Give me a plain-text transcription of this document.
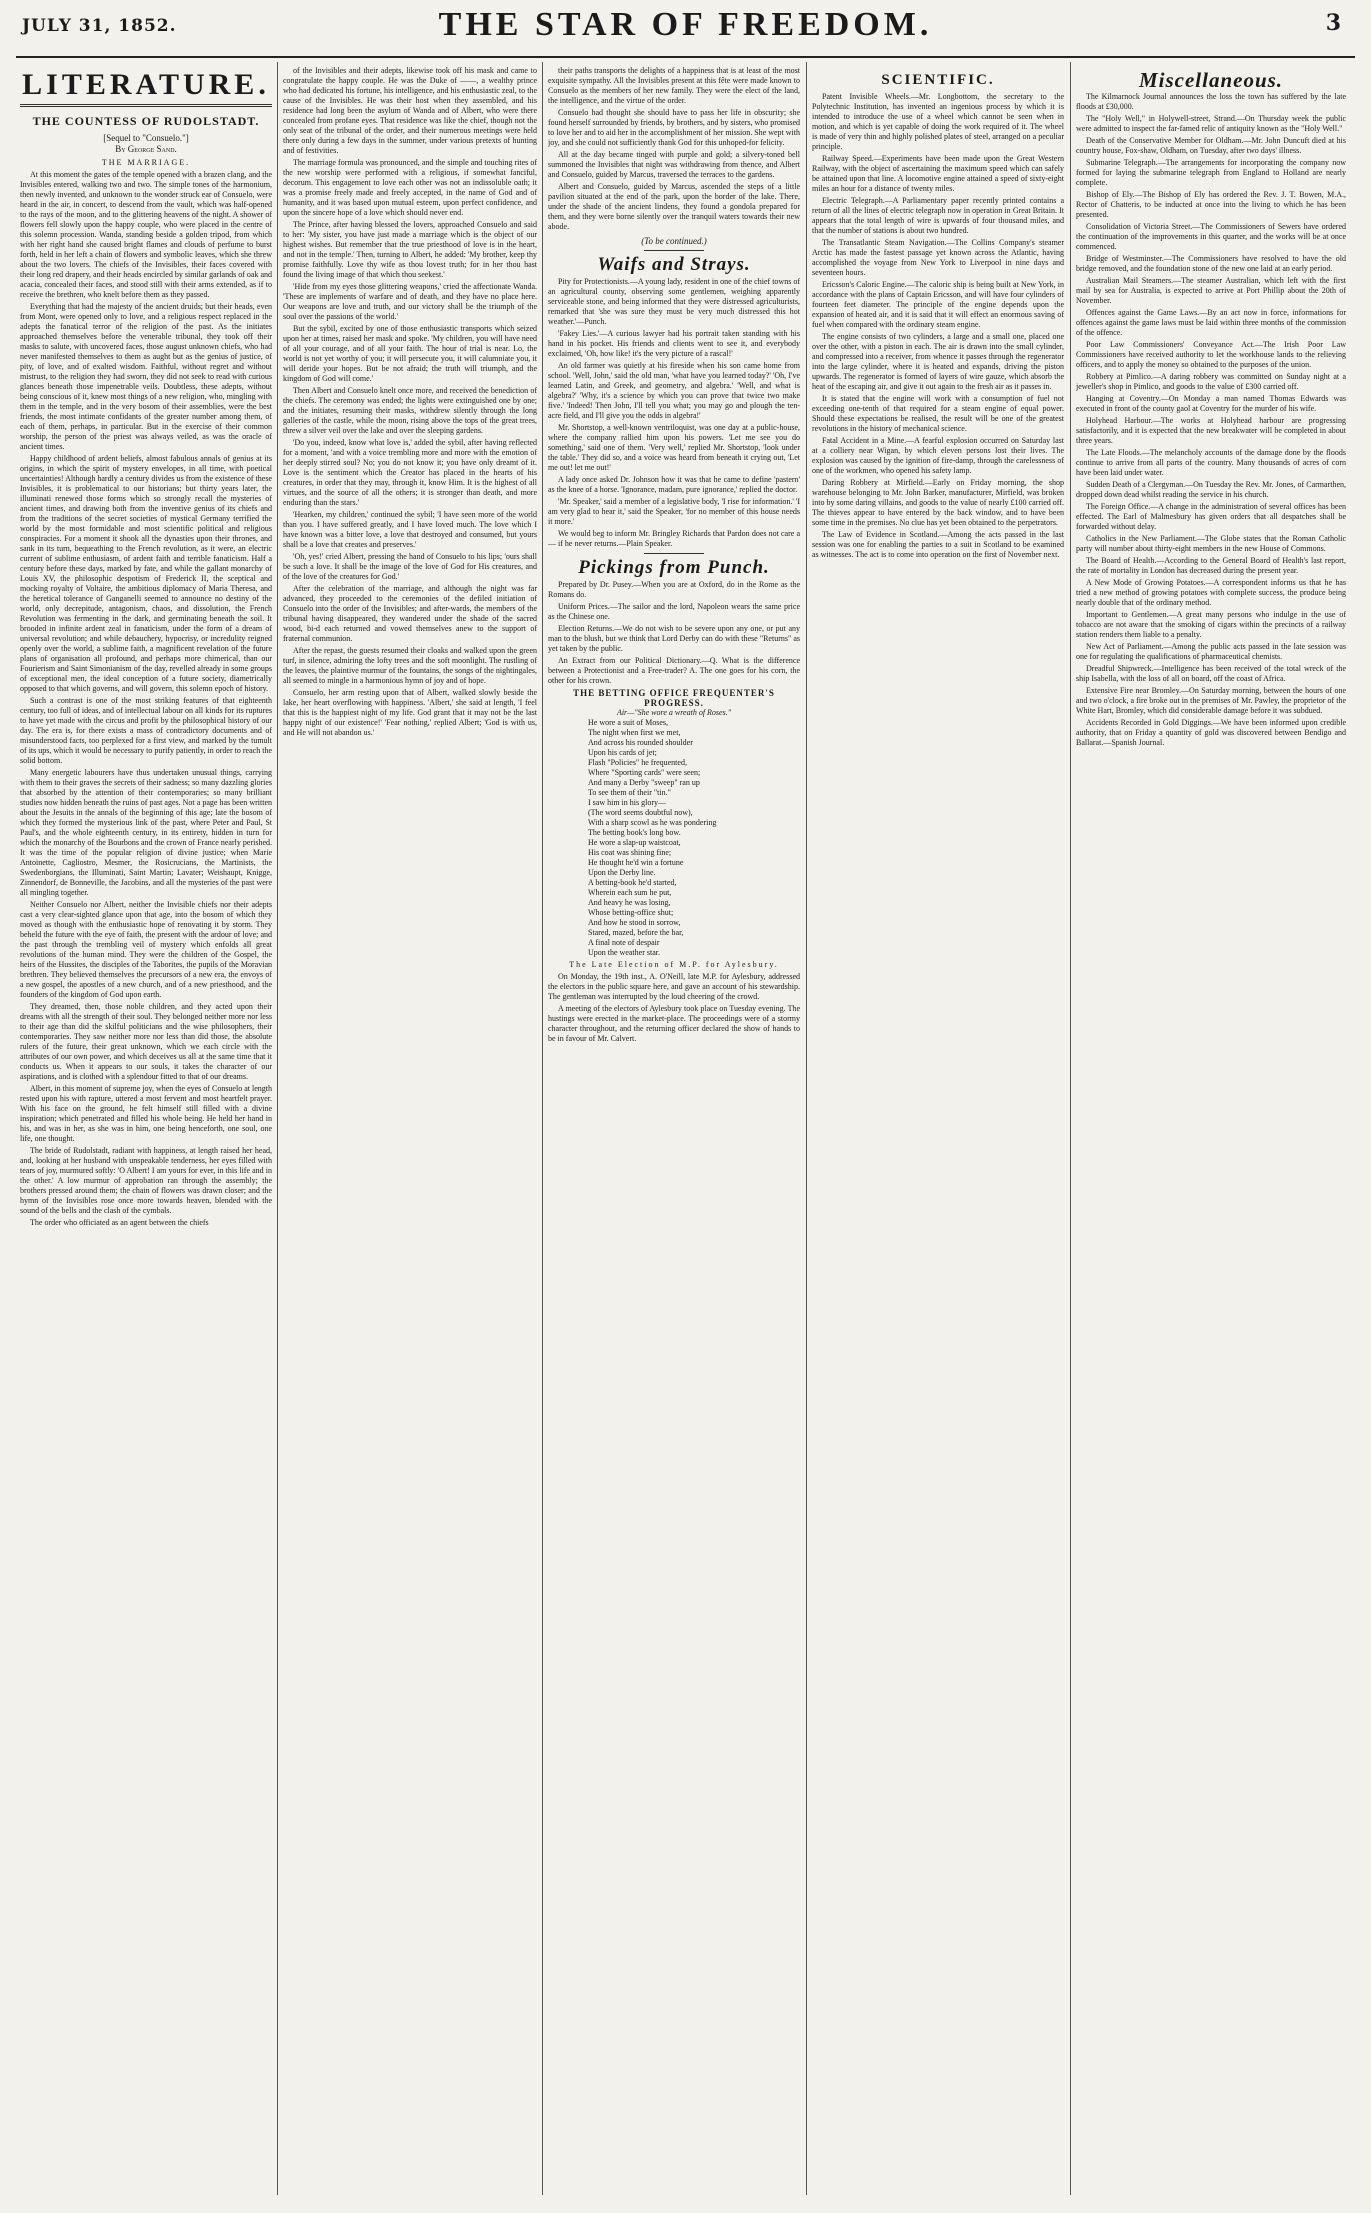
JULY 31, 1852.	THE STAR OF FREEDOM.	3
LITERATURE.
THE COUNTESS OF RUDOLSTADT.
[Sequel to "Consuelo."]
By George Sand.
THE MARRIAGE.

At this moment the gates of the temple opened with a brazen clang, and the Invisibles entered, walking two and two. The simple tones of the harmonium, then newly invented, and unknown to the wonder struck ear of Consuelo, were heard in the air, in concert, to descend from the vault, which was half-opened to the rays of the moon, and to the glittering heavens of the night. A shower of flowers fell slowly upon the happy couple, who were placed in the centre of this solemn procession. Wanda, standing beside a golden tripod, from which with her right hand she caused bright flames and clouds of perfume to burst forth, held in her left a chain of flowers and symbolic leaves, which she threw about the two lovers. The chiefs of the Invisibles, their faces covered with their long red drapery, and their heads encircled by similar garlands of oak and acacia, concealed their faces, and stood still with their arms extended, as if to receive the brethren, who knelt before them as they passed.

Everything that had the majesty of the ancient druids; but their heads, even from Mont, were opened only to love, and a religious respect replaced in the adepts the fanatical terror of the religion of the past. As the initiates approached themselves before the venerable tribunal, they took off their masks to salute, with uncovered faces, those august unknown chiefs, who had never manifested themselves to them as aught but as the genius of justice, of pity, of love, and of exalted wisdom. Faithful, without regret and without mistrust, to the religion they had sworn, they did not seek to read with curious glances beneath those impenetrable veils. Doubtless, these adepts, without being conscious of it, knew most things of a new religion, who, mingling with them in the temple, and in the very bosom of their assemblies, were the best friends, the most intimate confidants of the greater number among them, of each of them, perhaps, in particular. But in the exercise of their common worship, the person of the priest was always veiled, as was the oracle of ancient times.

Happy childhood of ardent beliefs, almost fabulous annals of genius at its origins, in which the spirit of mystery envelopes, in all time, with poetical uncertainties! Although hardly a century divides us from the existence of these Invisibles, it is problematical to our historians; but thirty years later, the illuminati renewed those forms which so strongly recall the mysteries of ancient times, and drawing both from the inventive genius of its chiefs and from the traditions of the secret societies of mystical Germany terrified the world by the most formidable and most scientific political and religious conspiracies. For a moment it shook all the dynasties upon their thrones, and sank in its turn, bequeathing to the French revolution, as it were, an electric current of sublime enthusiasm, of ardent faith and terrible fanaticism. Half a century before these days, marked by fate, and while the gallant monarchy of Louis XV, the philosophic despotism of Frederick II, the sceptical and mocking royalty of Voltaire, the ambitious diplomacy of Maria Theresa, and the heretical tolerance of Ganganelli seemed to announce no destiny of the world, only decrepitude, antagonism, chaos, and dissolution, the French Revolution was fermenting in the dark, and germinating beneath the soil. It brooded in infinite ardent zeal in fanaticism, under the form of a dream of universal revolution; and while debauchery, hypocrisy, or incredulity reigned openly over the world, a sublime faith, a magnificent revelation of the future plans of organisation all profound, and perhaps more chimerical, than our Fourierism and Saint Simonianism of the day, revelled already in some groups of exceptional men, the ideal conception of a future society, diametrically opposed to that which governs, and will govern, this solemn epoch of history.

Such a contrast is one of the most striking features of that eighteenth century, too full of ideas, and of intellectual labour on all kinds for its ruptures to have yet made with the circus and profit by the philosophical history of our day. The era is, for there exists a mass of contradictory documents and of misunderstood facts, too perplexed for a first view, and marked by the tumult of its ups, which it would be necessary to purify patiently, in order to reach the solid bottom.

Many energetic labourers have thus undertaken unusual things, carrying with them to their graves the secrets of their sadness; so many dazzling glories that absorbed by the attention of their contemporaries; so many brilliant studies now hidden beneath the ruins of past ages. Not a page has been written about the Jesuits in the annals of the beginning of this age; late the bosom of which they formed the mysterious link of the past, where Peter and Paul, St Paul's, and the whole eighteenth century, in its entirety, hidden in turn for which the monarchy of the Bourbons and the crown of France nearly perished. It was the time of the popular religion of divine justice; when Marie Antoinette, Cagliostro, Mesmer, the Rosicrucians, the Martinists, the Swedenborgians, the Illuminati, Saint Martin; Lavater; Weishaupt, Knigge, Zinnendorf, de Bonneville, the Jacobins, and all the mysteries of the past were all mingling together.

Neither Consuelo nor Albert, neither the Invisible chiefs nor their adepts cast a very clear-sighted glance upon that age, into the bosom of which they moved as though with the enthusiastic hope of renovating it by storm. They beheld the future with the eye of faith, the present with the ardour of love; and the past through the trembling veil of mystery which enfolds all great revolutions of the human mind. They were the children of the Gospel, the heirs of the Hussites, the disciples of the Taborites, the pupils of the Moravian brethren. They believed themselves the precursors of a new era, the envoys of a new gospel, the apostles of a new church, and of a new priesthood, and the founders of the kingdom of God upon earth.

They dreamed, then, those noble children, and they acted upon their dreams with all the strength of their soul. They belonged neither more nor less to their age than did the skilful politicians and the wise philosophers, their contemporaries. They saw neither more nor less than did those, the absolute rulers of the future, their great unknown, which we each circle with the attributes of our own power, and which deceives us all at the same time that it conducts us. When it appears to our souls, it takes the character of our aspirations, and is clothed with a splendour fitted to that of our dreams.

Albert, in this moment of supreme joy, when the eyes of Consuelo at length rested upon his with rapture, uttered a most fervent and most heartfelt prayer. With his face on the ground, he felt himself still filled with a divine inspiration; which penetrated and filled his whole being. He held her hand in his, and was in her, as she was in him, one being henceforth, one soul, one life, one thought.

The bride of Rudolstadt, radiant with happiness, at length raised her head, and, looking at her husband with unspeakable tenderness, her eyes filled with tears of joy, murmured softly: 'O Albert! I am yours for ever, in this life and in the other.' A low murmur of approbation ran through the assembly; the brothers pressed around them; the chain of flowers was drawn closer; and the hymn of the Invisibles rose once more towards heaven, blended with the sound of the bells and the clash of the cymbals.

The order who officiated as an agent between the chiefs

of the Invisibles and their adepts, likewise took off his mask and came to congratulate the happy couple. He was the Duke of ——, a wealthy prince who had dedicated his fortune, his intelligence, and his enthusiastic zeal, to the cause of the Invisibles. He was their host when they assembled, and his residence had long been the asylum of Wanda and of Albert, who were there concealed from profane eyes. That residence was like the chief, though not the only seat of the tribunal of the order, and their numerous meetings were held there only during a few days in the summer, under various pretexts of hunting and of festivities.

The marriage formula was pronounced, and the simple and touching rites of the new worship were performed with a religious, if somewhat fanciful, decorum. This engagement to love each other was not an indissoluble oath; it was a promise freely made and freely accepted, in the name of God and of humanity, and it was based upon mutual esteem, upon perfect confidence, and upon the sincere hope of a love which should never end.

The Prince, after having blessed the lovers, approached Consuelo and said to her: 'My sister, you have just made a marriage which is the object of our highest wishes. But remember that the true priesthood of love is in the heart, and not in the temple.' Then, turning to Albert, he added: 'My brother, keep thy promise faithfully. Love thy wife as thou lovest truth; for in her thou hast found the living image of that which thou seekest.'

'Hide from my eyes those glittering weapons,' cried the affectionate Wanda. 'These are implements of warfare and of death, and they have no place here. Our weapons are love and truth, and our victory shall be the triumph of the soul over the passions of the world.'

But the sybil, excited by one of those enthusiastic transports which seized upon her at times, raised her mask and spoke. 'My children, you will have need of all your courage, and of all your faith. The hour of trial is near. Lo, the world is not yet worthy of you; it will persecute you, it will calumniate you, it will deride your hopes. But be not afraid; the truth will triumph, and the kingdom of God will come.'

Then Albert and Consuelo knelt once more, and received the benediction of the chiefs. The ceremony was ended; the lights were extinguished one by one; and the initiates, resuming their masks, withdrew silently through the long galleries of the castle, while the moon, rising above the tops of the great trees, threw a silver veil over the lake and over the sleeping gardens.

'Do you, indeed, know what love is,' added the sybil, after having reflected for a moment, 'and with a voice trembling more and more with the emotion of her deeply stirred soul? No; you do not know it; you have only dreamt of it. Love is the sentiment which the Creator has placed in the hearts of his creatures, in order that they may, through it, know Him. It is the highest of all virtues, and the source of all the others; it is stronger than death, and more enduring than the stars.'

'Hearken, my children,' continued the sybil; 'I have seen more of the world than you. I have suffered greatly, and I have loved much. The love which I have known was a bitter love, a love that destroyed and consumed, but yours shall be a love that creates and preserves.'

'Oh, yes!' cried Albert, pressing the hand of Consuelo to his lips; 'ours shall be such a love. It shall be the image of the love of God for His creatures, and of the love of the creatures for God.'

After the celebration of the marriage, and although the night was far advanced, they proceeded to the ceremonies of the defiled initiation of Consuelo into the order of the Invisibles; and after-wards, the members of the tribunal having disappeared, they wandered under the shade of the sacred wood, bi-d each returned and vowed themselves anew to the support of fraternal communion.

After the repast, the guests resumed their cloaks and walked upon the green turf, in silence, admiring the lofty trees and the soft moonlight. The rustling of the leaves, the plaintive murmur of the fountains, the songs of the nightingales, all seemed to mingle in a harmonious hymn of joy and of hope.

Consuelo, her arm resting upon that of Albert, walked slowly beside the lake, her heart overflowing with happiness. 'Albert,' she said at length, 'I feel that this is the happiest night of my life. God grant that it may not be the last happy night of our existence!' 'Fear nothing,' replied Albert; 'God is with us, and He will not abandon us.'

their paths transports the delights of a happiness that is at least of the most exquisite sympathy. All the Invisibles present at this fête were made known to Consuelo as the members of her new family. They were the elect of the land, the intelligence, and the virtue of the order.

Consuelo had thought she should have to pass her life in obscurity; she found herself surrounded by friends, by brothers, and by sisters, who promised to love her and to aid her in the accomplishment of her mission. She wept with joy, and she could not sufficiently thank God for this unhoped-for felicity.

All at the day became tinged with purple and gold; a silvery-toned bell summoned the Invisibles that night was withdrawing from thence, and Albert and Consuelo, guided by Marcus, traversed the terraces to the gardens.

Albert and Consuelo, guided by Marcus, ascended the steps of a little pavilion situated at the end of the park, upon the border of the lake. There, under the shade of the ancient lindens, they found a gondola prepared for them, and they were borne silently over the tranquil waters towards their new abode.

(To be continued.)
Waifs and Strays.

Pity for Protectionists.—A young lady, resident in one of the chief towns of an agricultural county, observing some gentlemen, weighing apparently serviceable stone, and being informed that they were distressed agriculturists, remarked that 'she was sure they must be very much distressed this hot weather.'—Punch.

'Fakey Lies.'—A curious lawyer had his portrait taken standing with his hand in his pocket. His friends and clients went to see it, and everybody exclaimed, 'Oh, how like! it's the very picture of a rascal!'

An old farmer was quietly at his fireside when his son came home from school. 'Well, John,' said the old man, 'what have you learned today?' 'Oh, I've learned Latin, and Greek, and geometry, and algebra.' 'Well, and what is algebra?' 'Why, it's a science by which you can prove that twice two make five.' 'Indeed! Then John, I'll tell you what; you may go and plough the ten-acre field, and I'll give you the odds in algebra!'

Mr. Shortstop, a well-known ventriloquist, was one day at a public-house, where the company rallied him upon his powers. 'Let me see you do something,' said one of them. 'Very well,' replied Mr. Shortstop, 'look under the table.' They did so, and a voice was heard from beneath it crying out, 'Let me out! let me out!'

A lady once asked Dr. Johnson how it was that he came to define 'pastern' as the knee of a horse. 'Ignorance, madam, pure ignorance,' replied the doctor.

'Mr. Speaker,' said a member of a legislative body, 'I rise for information.' 'I am very glad to hear it,' said the Speaker, 'for no member of this house needs it more.'

We would beg to inform Mr. Bringley Richards that Pardon does not care a — if he never returns.—Plain Speaker.

Pickings from Punch.

Prepared by Dr. Pusey.—When you are at Oxford, do in the Rome as the Romans do.

Uniform Prices.—The sailor and the lord, Napoleon wears the same price as the Chinese one.

Election Returns.—We do not wish to be severe upon any one, or put any man to the blush, but we think that Lord Derby can do with these "Returns" as yet taken by the public.

An Extract from our Political Dictionary.—Q. What is the difference between a Protectionist and a Free-trader? A. The one goes for his corn, the other for his crown.

THE BETTING OFFICE FREQUENTER'S PROGRESS.
Air—"She wore a wreath of Roses."
He wore a suit of Moses,
The night when first we met,
And across his rounded shoulder
Upon his cards of jet;
Flash "Policies" he frequented,
Where "Sporting cards" were seen;
And many a Derby "sweep" ran up
To see them of their "tin."
I saw him in his glory—
(The word seems doubtful now),
With a sharp scowl as he was pondering
The betting book's long bow.
He wore a slap-up waistcoat,
His coat was shining fine;
He thought he'd win a fortune
Upon the Derby line.
A betting-book he'd started,
Wherein each sum he put,
And heavy he was losing,
Whose betting-office shut;
And how he stood in sorrow,
Stared, mazed, before the bar,
A final note of despair
Upon the weather star.
The Late Election of M.P. for Aylesbury.

On Monday, the 19th inst., A. O'Neill, late M.P. for Aylesbury, addressed the electors in the public square here, and gave an account of his stewardship. The gentleman was interrupted by the loud cheering of the crowd.

A meeting of the electors of Aylesbury took place on Tuesday evening. The hustings were erected in the market-place. The proceedings were of a stormy character throughout, and the returning officer declared the show of hands to be in favour of Mr. Calvert.

SCIENTIFIC.

Patent Invisible Wheels.—Mr. Longbottom, the secretary to the Polytechnic Institution, has invented an ingenious process by which it is intended to introduce the use of a wheel which cannot be seen when in motion, and which is yet capable of doing the work required of it. The wheel is made of very thin and highly polished plates of steel, arranged on a peculiar principle.

Railway Speed.—Experiments have been made upon the Great Western Railway, with the object of ascertaining the maximum speed which can safely be attained upon that line. A locomotive engine attained a speed of sixty-eight miles an hour for a distance of twenty miles.

Electric Telegraph.—A Parliamentary paper recently printed contains a return of all the lines of electric telegraph now in operation in Great Britain. It appears that the total length of wire is upwards of four thousand miles, and that the number of stations is about two hundred.

The Transatlantic Steam Navigation.—The Collins Company's steamer Arctic has made the fastest passage yet known across the Atlantic, having accomplished the voyage from New York to Liverpool in nine days and seventeen hours.

Ericsson's Caloric Engine.—The caloric ship is being built at New York, in accordance with the plans of Captain Ericsson, and will have four cylinders of fourteen feet diameter. The principle of the engine depends upon the expansion of heated air, and it is said that it will effect an enormous saving of fuel when compared with the ordinary steam engine.

The engine consists of two cylinders, a large and a small one, placed one over the other, with a piston in each. The air is drawn into the small cylinder, and compressed into a receiver, from whence it passes through the regenerator into the large cylinder, where it is heated and expands, driving the piston upwards. The regenerator is formed of layers of wire gauze, which absorb the heat of the escaping air, and give it out again to the fresh air as it passes in.

It is stated that the engine will work with a consumption of fuel not exceeding one-tenth of that required for a steam engine of equal power. Should these expectations be realised, the result will be one of the greatest revolutions in the history of mechanical science.

Fatal Accident in a Mine.—A fearful explosion occurred on Saturday last at a colliery near Wigan, by which eleven persons lost their lives. The explosion was caused by the ignition of fire-damp, through the carelessness of one of the workmen, who opened his safety lamp.

Daring Robbery at Mirfield.—Early on Friday morning, the shop warehouse belonging to Mr. John Barker, manufacturer, Mirfield, was broken into by some daring villains, and goods to the value of nearly £100 carried off. The thieves appear to have entered by the back window, and to have been some time in the premises. No clue has yet been obtained to the perpetrators.

The Law of Evidence in Scotland.—Among the acts passed in the last session was one for enabling the parties to a suit in Scotland to be examined as witnesses. The act is to come into operation on the first of November next.

Miscellaneous.

The Kilmarnock Journal announces the loss the town has suffered by the late floods at £30,000.

The "Holy Well," in Holywell-street, Strand.—On Thursday week the public were admitted to inspect the far-famed relic of antiquity known as the "Holy Well."

Death of the Conservative Member for Oldham.—Mr. John Duncuft died at his country house, Fox-shaw, Oldham, on Tuesday, after two days' illness.

Submarine Telegraph.—The arrangements for incorporating the company now formed for laying the submarine telegraph from England to Holland are nearly complete.

Bishop of Ely.—The Bishop of Ely has ordered the Rev. J. T. Bowen, M.A., Rector of Chatteris, to be inducted at once into the living to which he has been presented.

Consolidation of Victoria Street.—The Commissioners of Sewers have ordered the continuation of the improvements in this quarter, and the works will be at once commenced.

Bridge of Westminster.—The Commissioners have resolved to have the old bridge removed, and the foundation stone of the new one laid at an early period.

Australian Mail Steamers.—The steamer Australian, which left with the first mail by sea for Australia, is expected to arrive at Port Phillip about the 20th of November.

Offences against the Game Laws.—By an act now in force, informations for offences against the game laws must be laid within three months of the commission of the offence.

Poor Law Commissioners' Conveyance Act.—The Irish Poor Law Commissioners have received authority to let the workhouse lands to the relieving officers, and to apply the money so obtained to the purposes of the union.

Robbery at Pimlico.—A daring robbery was committed on Sunday night at a jeweller's shop in Pimlico, and goods to the value of £300 carried off.

Hanging at Coventry.—On Monday a man named Thomas Edwards was executed in front of the county gaol at Coventry for the murder of his wife.

Holyhead Harbour.—The works at Holyhead harbour are progressing satisfactorily, and it is expected that the new breakwater will be completed in about three years.

The Late Floods.—The melancholy accounts of the damage done by the floods continue to arrive from all parts of the country. Many thousands of acres of corn have been laid under water.

Sudden Death of a Clergyman.—On Tuesday the Rev. Mr. Jones, of Carmarthen, dropped down dead whilst reading the service in his church.

The Foreign Office.—A change in the administration of several offices has been effected. The Earl of Malmesbury has given orders that all despatches shall be forwarded without delay.

Catholics in the New Parliament.—The Globe states that the Roman Catholic party will number about thirty-eight members in the new House of Commons.

The Board of Health.—According to the General Board of Health's last report, the rate of mortality in London has decreased during the present year.

A New Mode of Growing Potatoes.—A correspondent informs us that he has tried a new method of growing potatoes with complete success, the produce being nearly double that of the ordinary method.

Important to Gentlemen.—A great many persons who indulge in the use of tobacco are not aware that the smoking of cigars within the precincts of a railway station renders them liable to a penalty.

New Act of Parliament.—Among the public acts passed in the late session was one for regulating the qualifications of pharmaceutical chemists.

Dreadful Shipwreck.—Intelligence has been received of the total wreck of the ship Isabella, with the loss of all on board, off the coast of Africa.

Extensive Fire near Bromley.—On Saturday morning, between the hours of one and two o'clock, a fire broke out in the premises of Mr. Pawley, the proprietor of the White Hart, Bromley, which did considerable damage before it was subdued.

Accidents Recorded in Gold Diggings.—We have been informed upon credible authority, that on Friday a quantity of gold was discovered between Bendigo and Ballarat.—Spanish Journal.
